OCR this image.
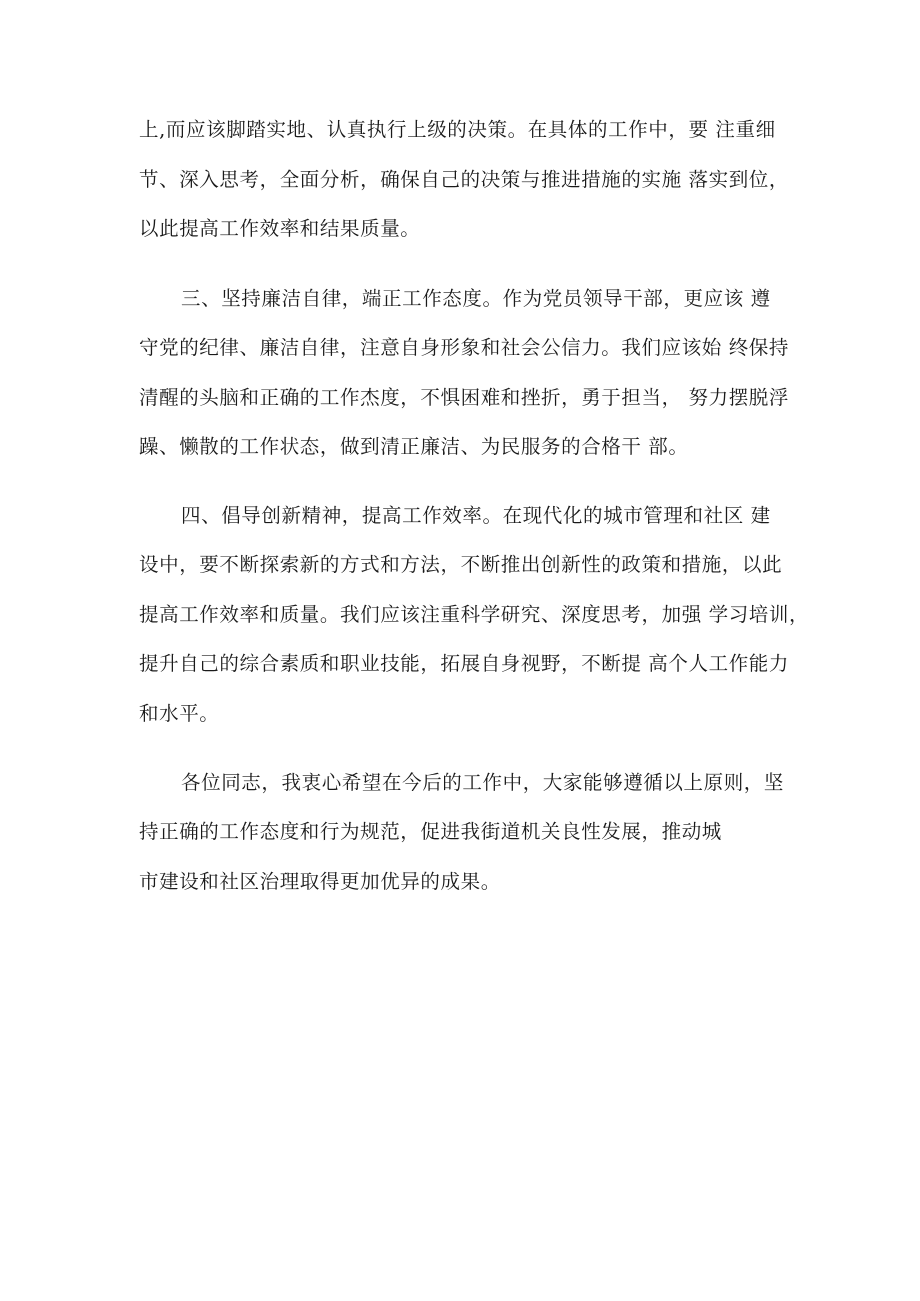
上,而应该脚踏实地、认真执行上级的决策。在具体的工作中，要 注重细
节、深入思考，全面分析，确保自己的决策与推进措施的实施 落实到位，
以此提高工作效率和结果质量。
三、坚持廉洁自律，端正工作态度。作为党员领导干部，更应该 遵
守党的纪律、廉洁自律，注意自身形象和社会公信力。我们应该始 终保持
清醒的头脑和正确的工作杰度，不惧困难和挫折，勇于担当， 努力摆脱浮
躁、懒散的工作状态，做到清正廉洁、为民服务的合格干 部。
四、倡导创新精神，提高工作效率。在现代化的城市管理和社区 建
设中，要不断探索新的方式和方法，不断推出创新性的政策和措施，以此
提高工作效率和质量。我们应该注重科学研究、深度思考，加强 学习培训，
提升自己的综合素质和职业技能，拓展自身视野，不断提 高个人工作能力
和水平。
各位同志，我衷心希望在今后的工作中，大家能够遵循以上原则，坚
持正确的工作态度和行为规范，促进我街道机关良性发展，推动城
市建设和社区治理取得更加优异的成果。
